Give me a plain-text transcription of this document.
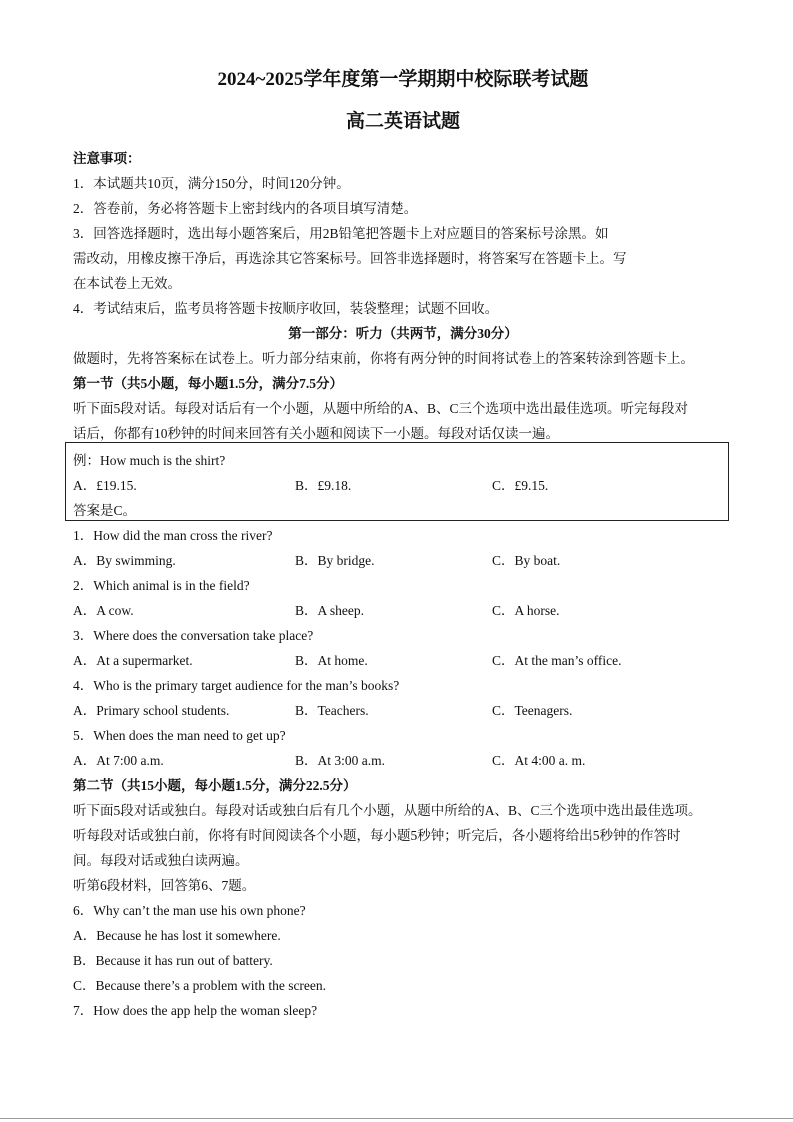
2024~2025学年度第一学期期中校际联考试题
高二英语试题
注意事项：
1．本试题共10页，满分150分，时间120分钟。
2．答卷前，务必将答题卡上密封线内的各项目填写清楚。
3．回答选择题时，选出每小题答案后，用2B铅笔把答题卡上对应题目的答案标号涂黑。如
需改动，用橡皮擦干净后，再选涂其它答案标号。回答非选择题时，将答案写在答题卡上。写
在本试卷上无效。
4．考试结束后，监考员将答题卡按顺序收回，装袋整理；试题不回收。
第一部分：听力（共两节，满分30分）
做题时，先将答案标在试卷上。听力部分结束前，你将有两分钟的时间将试卷上的答案转涂到答题卡上。
第一节（共5小题，每小题1.5分，满分7.5分）
听下面5段对话。每段对话后有一个小题，从题中所给的A、B、C三个选项中选出最佳选项。听完每段对
话后，你都有10秒钟的时间来回答有关小题和阅读下一小题。每段对话仅读一遍。
例：How much is the shirt?
A．£19.15.	B．£9.18.	C．£9.15.
答案是C。
1．How did the man cross the river?
A．By swimming.	B．By bridge.	C．By boat.
2．Which animal is in the field?
A．A cow.	B．A sheep.	C．A horse.
3．Where does the conversation take place?
A．At a supermarket.	B．At home.	C．At the man’s office.
4．Who is the primary target audience for the man’s books?
A．Primary school students.	B．Teachers.	C．Teenagers.
5．When does the man need to get up?
A．At 7:00 a.m.	B．At 3:00 a.m.	C．At 4:00 a. m.
第二节（共15小题，每小题1.5分，满分22.5分）
听下面5段对话或独白。每段对话或独白后有几个小题，从题中所给的A、B、C三个选项中选出最佳选项。
听每段对话或独白前，你将有时间阅读各个小题，每小题5秒钟；听完后，各小题将给出5秒钟的作答时
间。每段对话或独白读两遍。
听第6段材料，回答第6、7题。
6．Why can’t the man use his own phone?
A．Because he has lost it somewhere.
B．Because it has run out of battery.
C．Because there’s a problem with the screen.
7．How does the app help the woman sleep?
